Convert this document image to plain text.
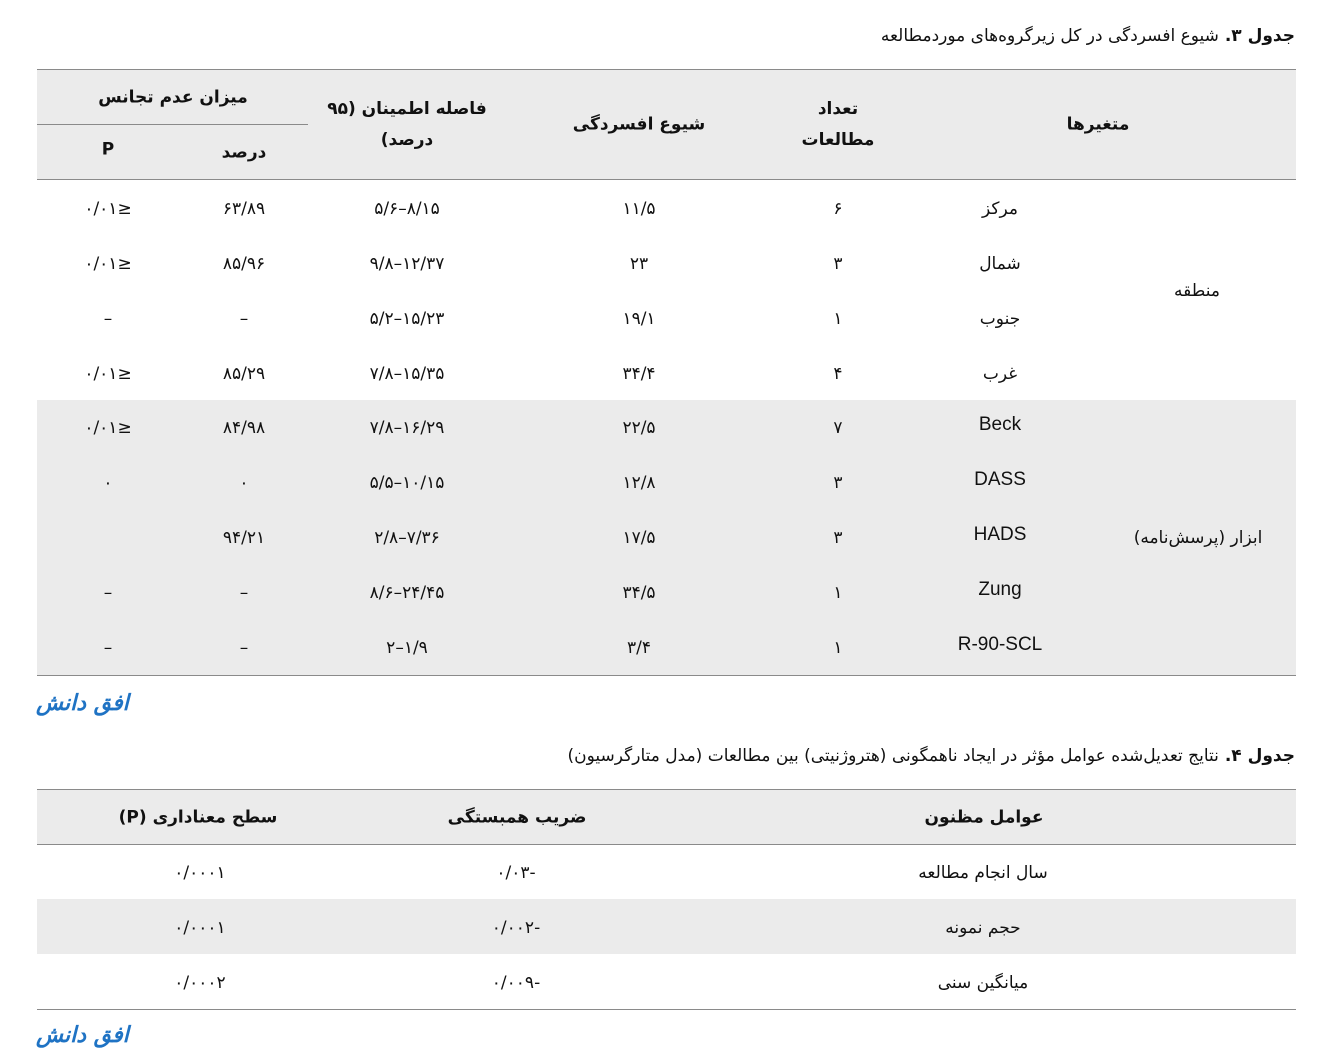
جدول ۳. شیوع افسردگی در کل زیرگروه‌های موردمطالعه
متغیرها
تعداد مطالعات
شیوع افسردگی
فاصله اطمینان (۹۵ درصد)
میزان عدم تجانس
درصد
P
منطقه
ابزار (پرسش‌نامه)
مرکز
۶
۱۱/۵
۸/۱۵–۵/۶
۶۳/۸۹
≤۰/۰۱
شمال
۳
۲۳
۱۲/۳۷–۹/۸
۸۵/۹۶
≤۰/۰۱
جنوب
۱
۱۹/۱
۱۵/۲۳–۵/۲
–
–
غرب
۴
۳۴/۴
۱۵/۳۵–۷/۸
۸۵/۲۹
≤۰/۰۱
Beck
۷
۲۲/۵
۱۶/۲۹–۷/۸
۸۴/۹۸
≤۰/۰۱
DASS
۳
۱۲/۸
۱۰/۱۵–۵/۵
۰
۰
HADS
۳
۱۷/۵
۷/۳۶–۲/۸
۹۴/۲۱
Zung
۱
۳۴/۵
۲۴/۴۵–۸/۶
–
–
R-90-SCL
۱
۳/۴
۱/۹–۲
–
–
افق دانش
جدول ۴. نتایج تعدیل‌شده عوامل مؤثر در ایجاد ناهمگونی (هتروژنیتی) بین مطالعات (مدل متارگرسیون)
عوامل مظنون
ضریب همبستگی
سطح معناداری (P)
سال انجام مطالعه
-۰/۰۳
۰/۰۰۰۱
حجم نمونه
-۰/۰۰۲
۰/۰۰۰۱
میانگین سنی
-۰/۰۰۹
۰/۰۰۰۲
افق دانش
